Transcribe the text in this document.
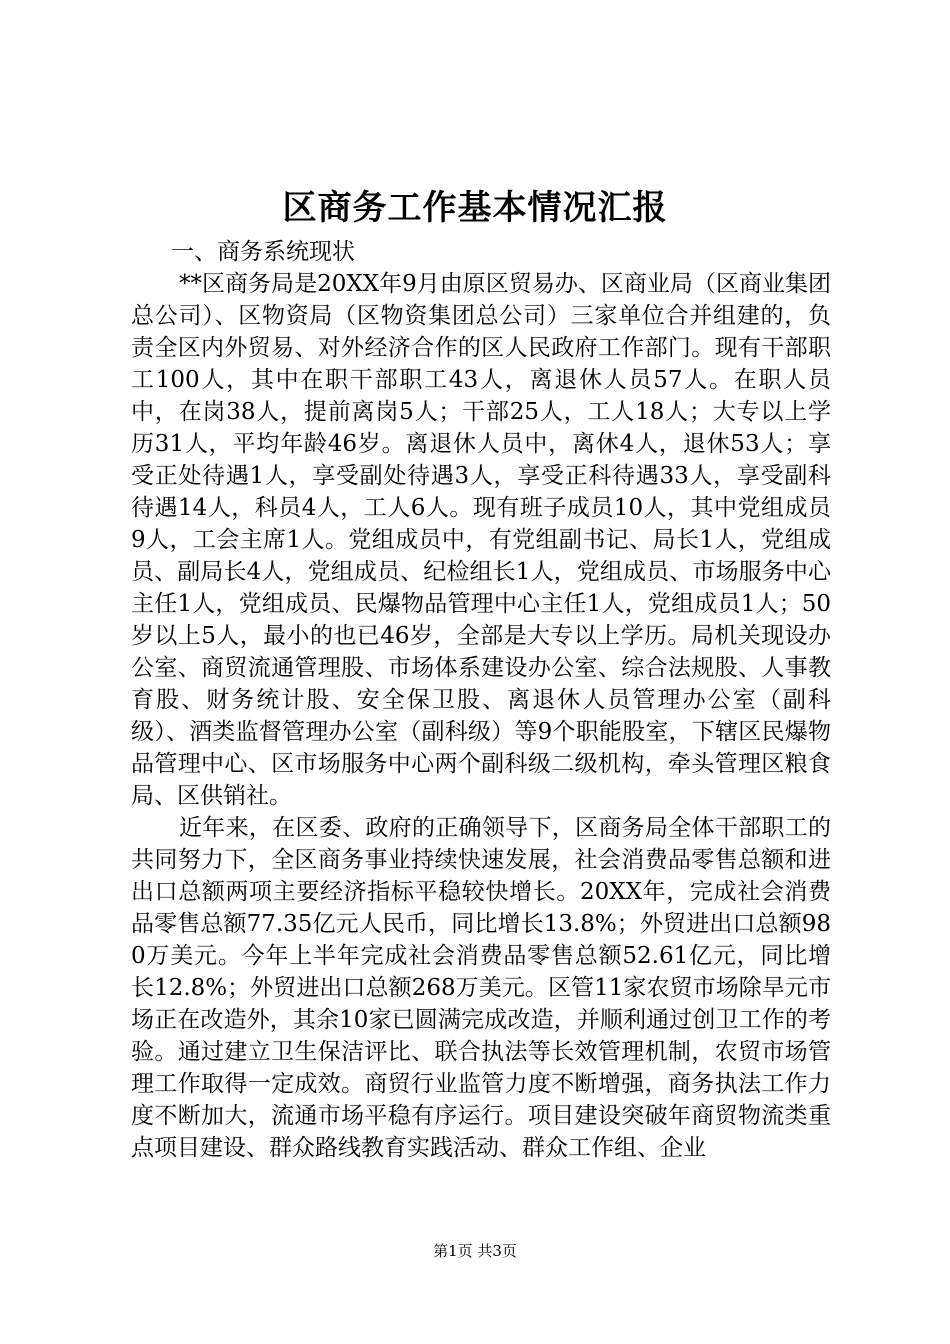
区商务工作基本情况汇报

一、商务系统现状

**区商务局是20XX年9月由原区贸易办、区商业局（区商业集团总公司）、区物资局（区物资集团总公司）三家单位合并组建的，负责全区内外贸易、对外经济合作的区人民政府工作部门。现有干部职工100人，其中在职干部职工43人，离退休人员57人。在职人员中，在岗38人，提前离岗5人；干部25人，工人18人；大专以上学历31人，平均年龄46岁。离退休人员中，离休4人，退休53人；享受正处待遇1人，享受副处待遇3人，享受正科待遇33人，享受副科待遇14人，科员4人，工人6人。现有班子成员10人，其中党组成员9人，工会主席1人。党组成员中，有党组副书记、局长1人，党组成员、副局长4人，党组成员、纪检组长1人，党组成员、市场服务中心主任1人，党组成员、民爆物品管理中心主任1人，党组成员1人；50岁以上5人，最小的也已46岁，全部是大专以上学历。局机关现设办公室、商贸流通管理股、市场体系建设办公室、综合法规股、人事教育股、财务统计股、安全保卫股、离退休人员管理办公室（副科级）、酒类监督管理办公室（副科级）等9个职能股室，下辖区民爆物品管理中心、区市场服务中心两个副科级二级机构，牵头管理区粮食局、区供销社。

近年来，在区委、政府的正确领导下，区商务局全体干部职工的共同努力下，全区商务事业持续快速发展，社会消费品零售总额和进出口总额两项主要经济指标平稳较快增长。20XX年，完成社会消费品零售总额77.35亿元人民币，同比增长13.8%；外贸进出口总额980万美元。今年上半年完成社会消费品零售总额52.61亿元，同比增长12.8%；外贸进出口总额268万美元。区管11家农贸市场除旱元市场正在改造外，其余10家已圆满完成改造，并顺利通过创卫工作的考验。通过建立卫生保洁评比、联合执法等长效管理机制，农贸市场管理工作取得一定成效。商贸行业监管力度不断增强，商务执法工作力度不断加大，流通市场平稳有序运行。项目建设突破年商贸物流类重点项目建设、群众路线教育实践活动、群众工作组、企业

第1页 共3页
